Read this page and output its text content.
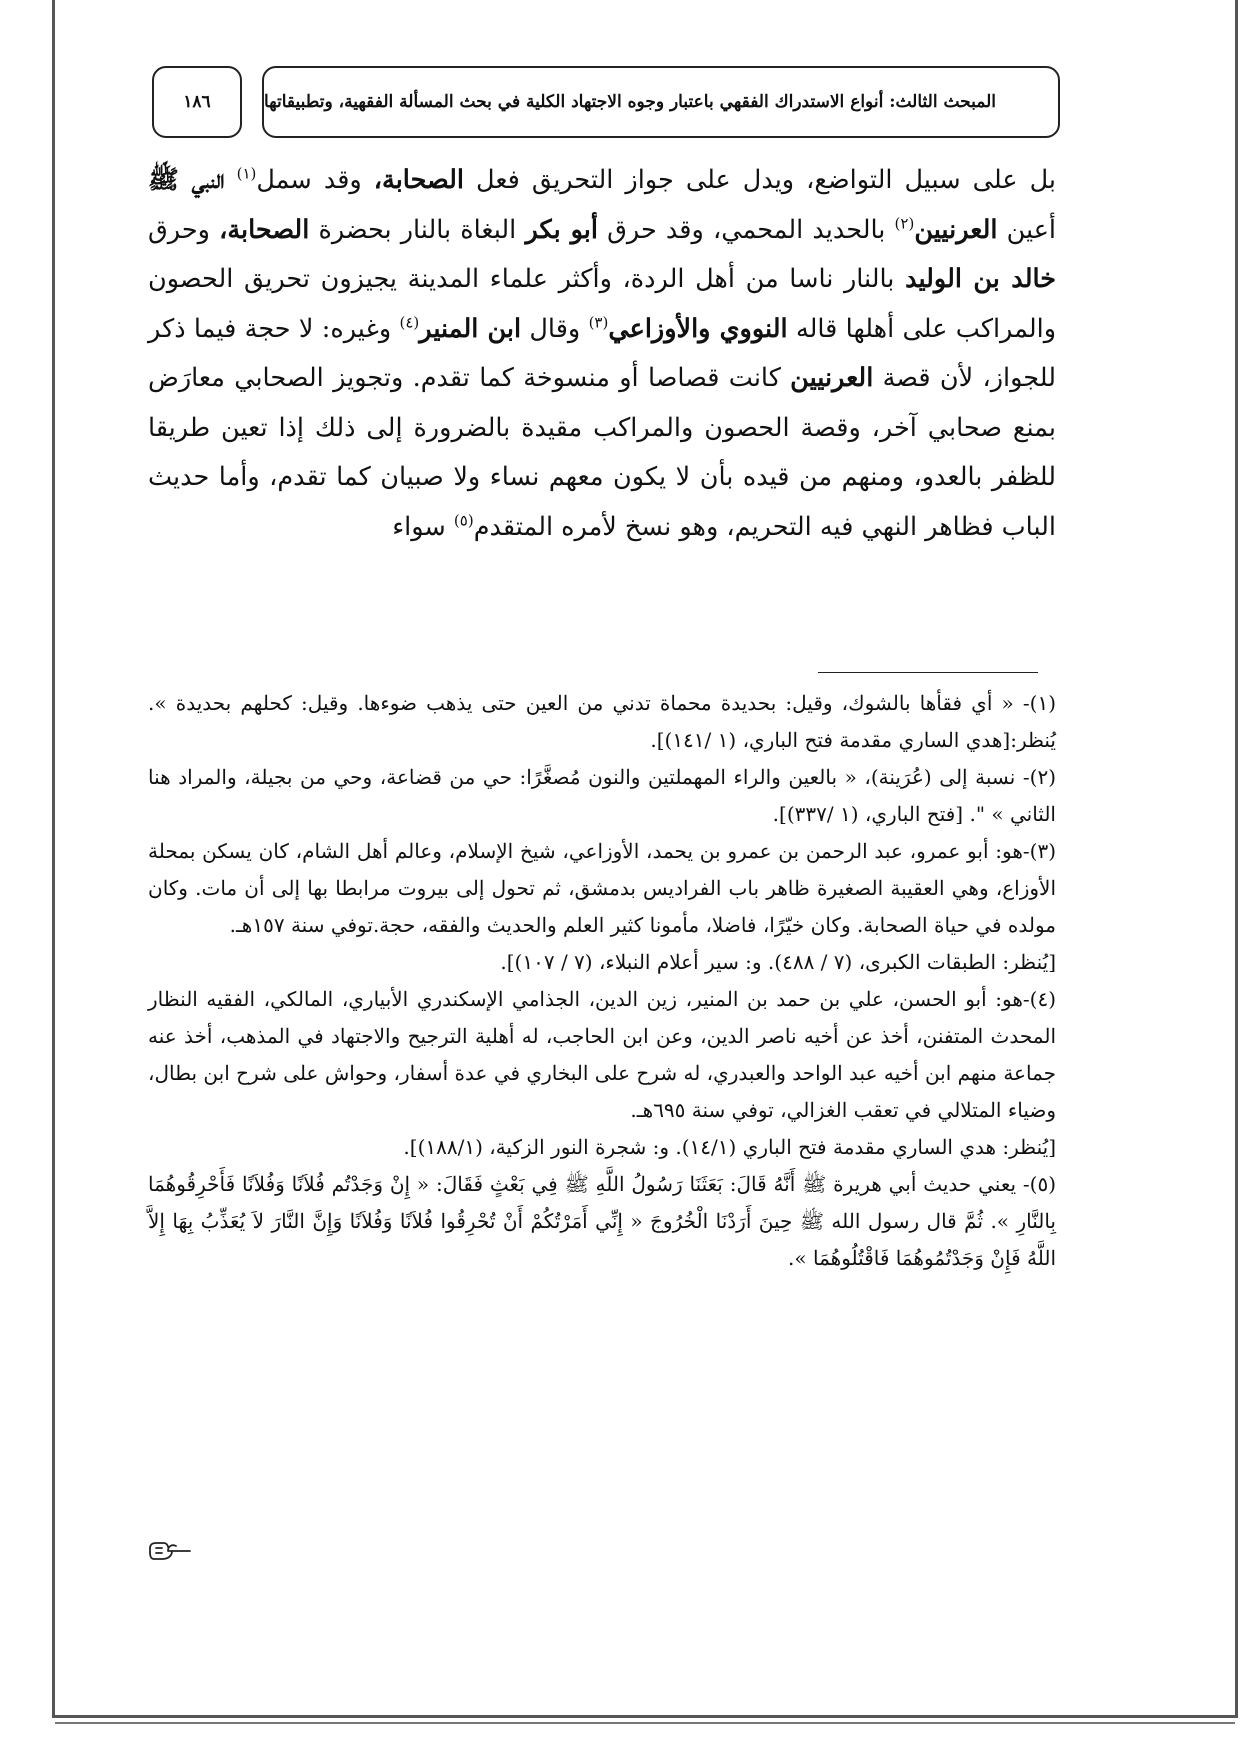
١٨٦	المبحث الثالث: أنواع الاستدراك الفقهي باعتبار وجوه الاجتهاد الكلية في بحث المسألة الفقهية، وتطبيقاتها
بل على سبيل التواضع، ويدل على جواز التحريق فعل الصحابة، وقد سمل$^{(١)}$ النبي ﷺ أعين العرنيين$^{(٢)}$ بالحديد المحمي، وقد حرق أبو بكر البغاة بالنار بحضرة الصحابة، وحرق خالد بن الوليد بالنار ناسا من أهل الردة، وأكثر علماء المدينة يجيزون تحريق الحصون والمراكب على أهلها قاله النووي والأوزاعي$^{(٣)}$ وقال ابن المنير$^{(٤)}$ وغيره: لا حجة فيما ذكر للجواز، لأن قصة العرنيين كانت قصاصا أو منسوخة كما تقدم. وتجويز الصحابي معارَض بمنع صحابي آخر، وقصة الحصون والمراكب مقيدة بالضرورة إلى ذلك إذا تعين طريقا للظفر بالعدو، ومنهم من قيده بأن لا يكون معهم نساء ولا صبيان كما تقدم، وأما حديث الباب فظاهر النهي فيه التحريم، وهو نسخ لأمره المتقدم$^{(٥)}$ سواء

(١)- « أي فقأها بالشوك، وقيل: بحديدة محماة تدني من العين حتى يذهب ضوءها. وقيل: كحلهم بحديدة ». يُنظر:[هدي الساري مقدمة فتح الباري، (١ /١٤١)].

(٢)- نسبة إلى (عُرَينة)، « بالعين والراء المهملتين والنون مُصغَّرًا: حي من قضاعة، وحي من بجيلة، والمراد هنا الثاني » ". [فتح الباري، (١ /٣٣٧)].

(٣)-هو: أبو عمرو، عبد الرحمن بن عمرو بن يحمد، الأوزاعي، شيخ الإسلام، وعالم أهل الشام، كان يسكن بمحلة الأوزاع، وهي العقيبة الصغيرة ظاهر باب الفراديس بدمشق، ثم تحول إلى بيروت مرابطا بها إلى أن مات. وكان مولده في حياة الصحابة. وكان خيّرًا، فاضلا، مأمونا كثير العلم والحديث والفقه، حجة.توفي سنة ١٥٧هـ.

[يُنظر: الطبقات الكبرى، (٧ / ٤٨٨). و: سير أعلام النبلاء، (٧ / ١٠٧)].

(٤)-هو: أبو الحسن، علي بن حمد بن المنير، زين الدين، الجذامي الإسكندري الأبياري، المالكي، الفقيه النظار المحدث المتفنن، أخذ عن أخيه ناصر الدين، وعن ابن الحاجب، له أهلية الترجيح والاجتهاد في المذهب، أخذ عنه جماعة منهم ابن أخيه عبد الواحد والعبدري، له شرح على البخاري في عدة أسفار، وحواش على شرح ابن بطال، وضياء المتلالي في تعقب الغزالي، توفي سنة ٦٩٥هـ.

[يُنظر: هدي الساري مقدمة فتح الباري (١٤/١). و: شجرة النور الزكية، (١٨٨/١)].

(٥)- يعني حديث أبي هريرة ﷺ أَنَّهُ قَالَ: بَعَثَنَا رَسُولُ اللَّهِ ﷺ فِي بَعْثٍ فَقَالَ: « إِنْ وَجَدْتُم فُلاَنًا وَفُلاَنًا فَأَحْرِقُوهُمَا بِالنَّارِ ». ثُمَّ قال رسول الله ﷺ حِينَ أَرَدْنَا الْخُرُوجَ « إِنِّي أَمَرْتُكُمْ أَنْ تُحْرِقُوا فُلاَنًا وَفُلاَنًا وَإِنَّ النَّارَ لاَ يُعَذِّبُ بِهَا إِلاَّ اللَّهُ فَإِنْ وَجَدْتُمُوهُمَا فَاقْتُلُوهُمَا ».
